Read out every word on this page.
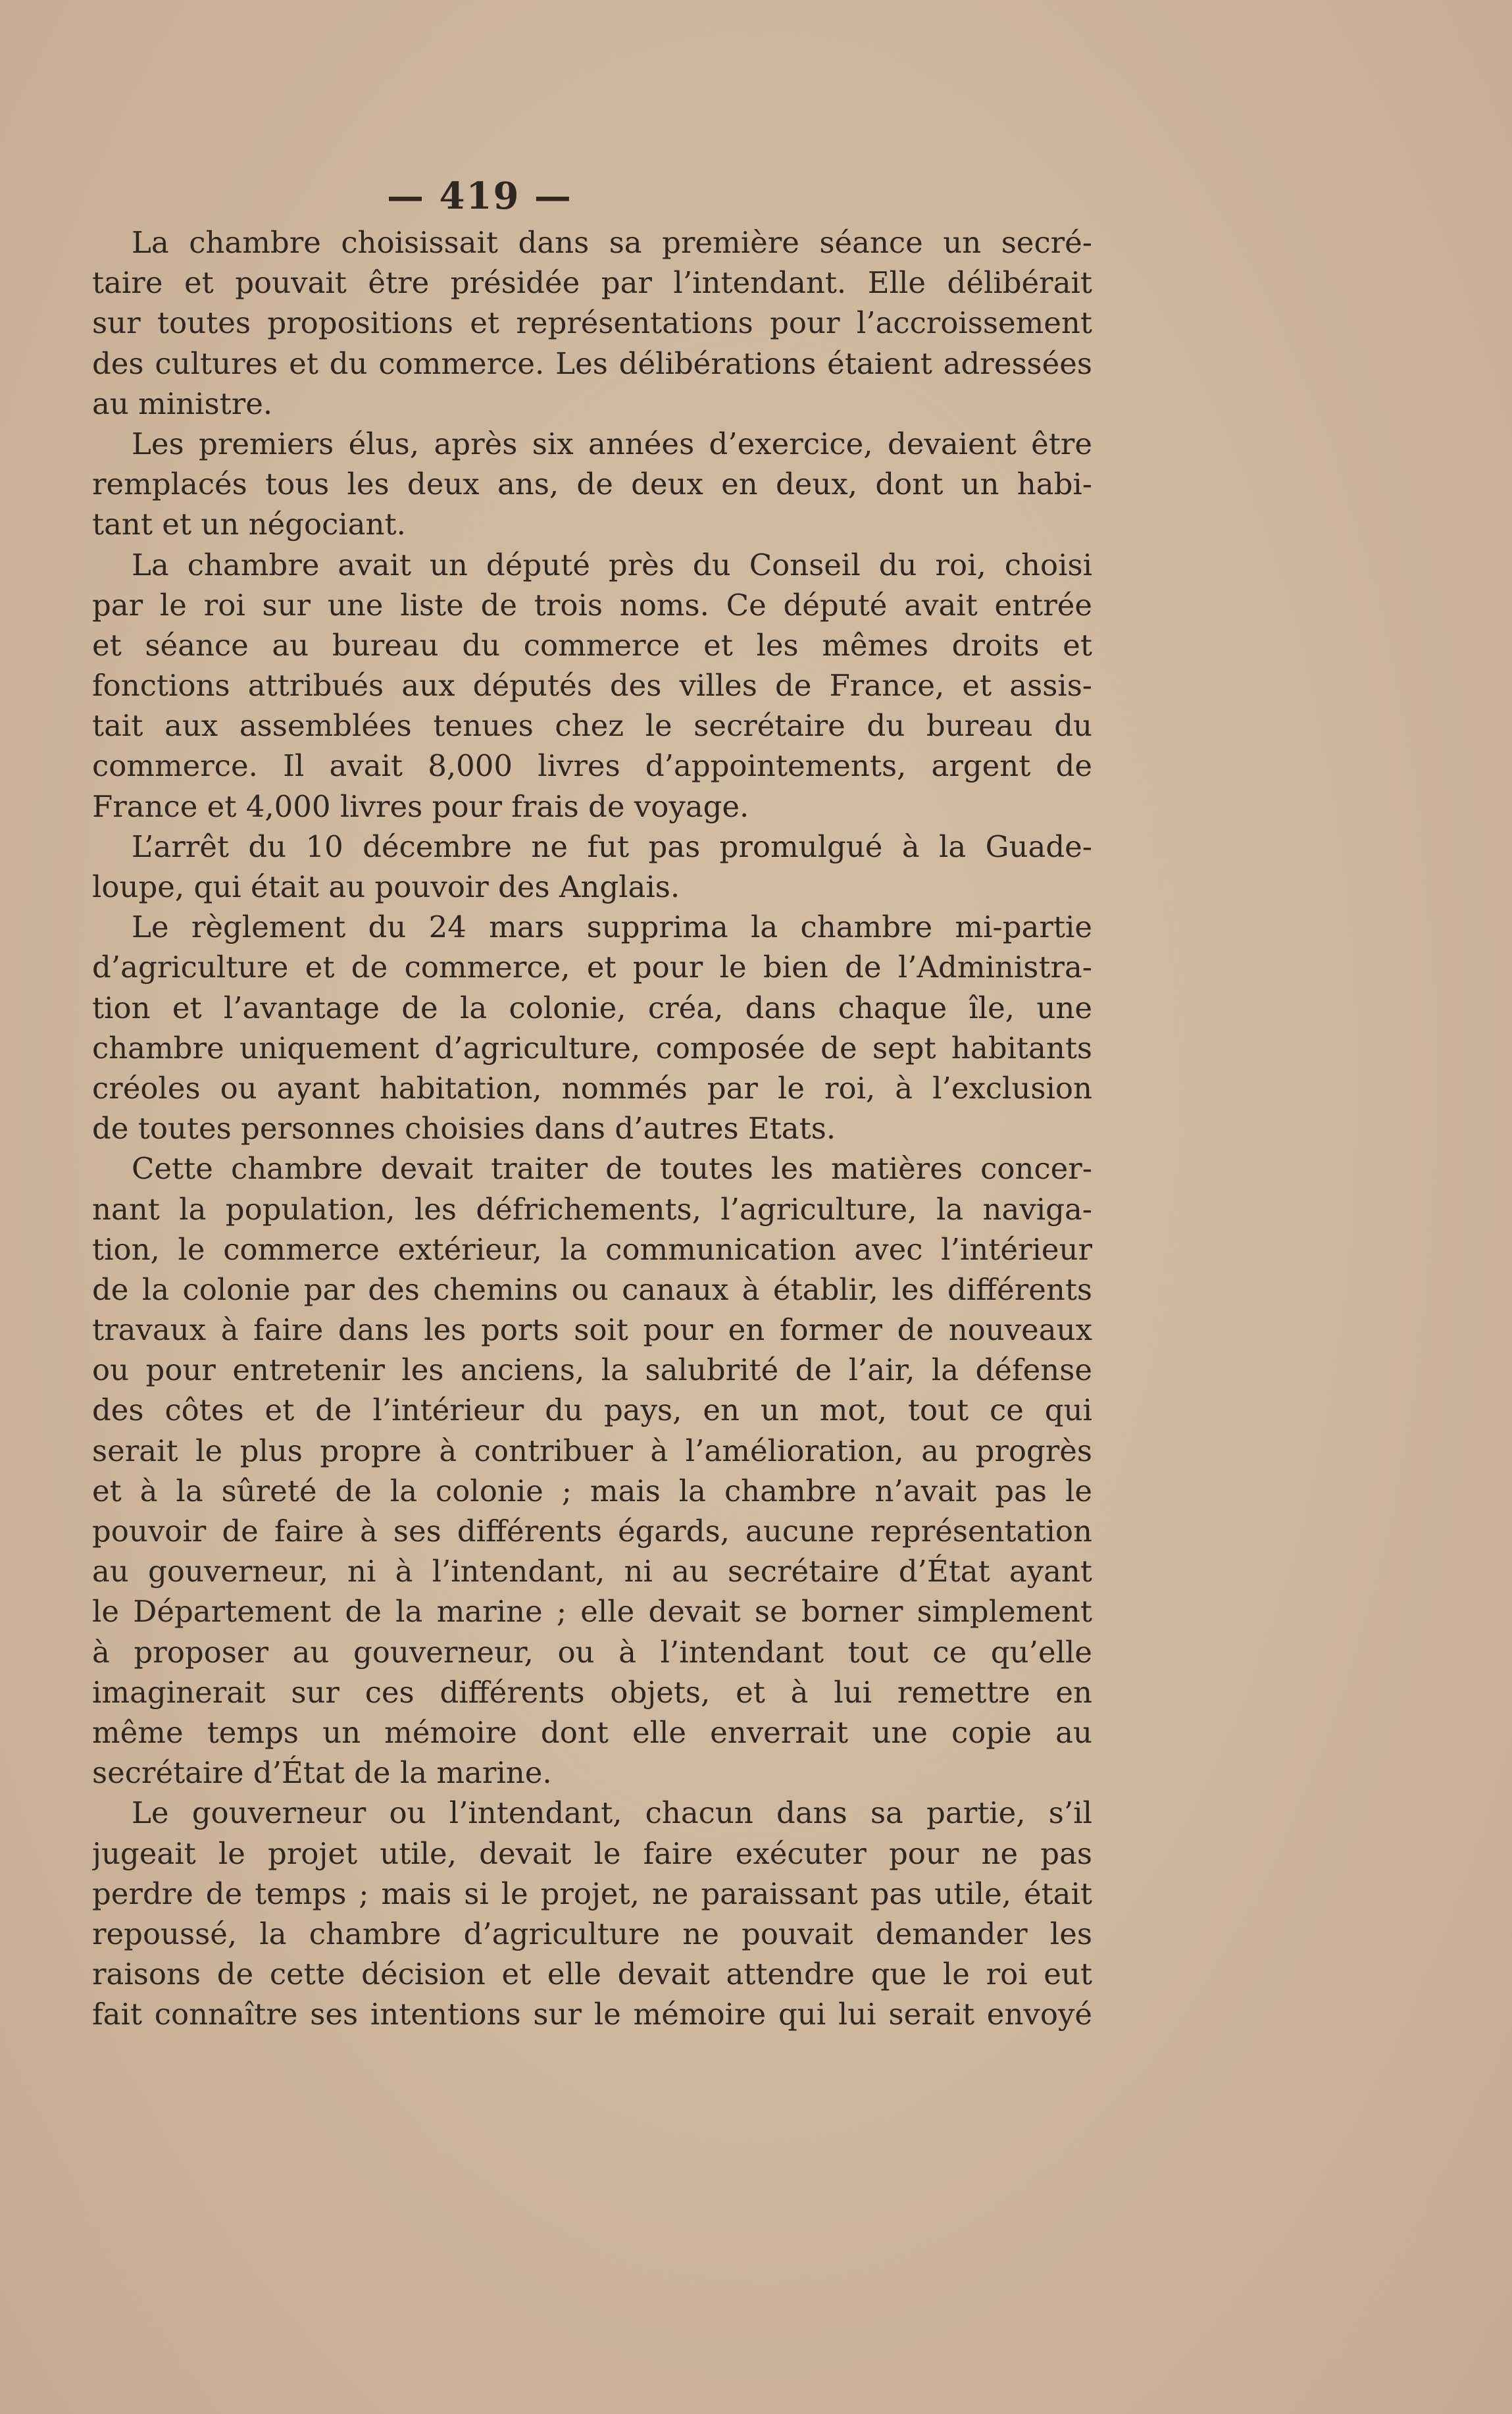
— 419 —
La chambre choisissait dans sa première séance un secré-
taire et pouvait être présidée par l’intendant. Elle délibérait
sur toutes propositions et représentations pour l’accroissement
des cultures et du commerce. Les délibérations étaient adressées
au ministre.
Les premiers élus, après six années d’exercice, devaient être
remplacés tous les deux ans, de deux en deux, dont un habi-
tant et un négociant.
La chambre avait un député près du Conseil du roi, choisi
par le roi sur une liste de trois noms. Ce député avait entrée
et séance au bureau du commerce et les mêmes droits et
fonctions attribués aux députés des villes de France, et assis-
tait aux assemblées tenues chez le secrétaire du bureau du
commerce. Il avait 8,000 livres d’appointements, argent de
France et 4,000 livres pour frais de voyage.
L’arrêt du 10 décembre ne fut pas promulgué à la Guade-
loupe, qui était au pouvoir des Anglais.
Le règlement du 24 mars supprima la chambre mi-partie
d’agriculture et de commerce, et pour le bien de l’Administra-
tion et l’avantage de la colonie, créa, dans chaque île, une
chambre uniquement d’agriculture, composée de sept habitants
créoles ou ayant habitation, nommés par le roi, à l’exclusion
de toutes personnes choisies dans d’autres Etats.
Cette chambre devait traiter de toutes les matières concer-
nant la population, les défrichements, l’agriculture, la naviga-
tion, le commerce extérieur, la communication avec l’intérieur
de la colonie par des chemins ou canaux à établir, les différents
travaux à faire dans les ports soit pour en former de nouveaux
ou pour entretenir les anciens, la salubrité de l’air, la défense
des côtes et de l’intérieur du pays, en un mot, tout ce qui
serait le plus propre à contribuer à l’amélioration, au progrès
et à la sûreté de la colonie ; mais la chambre n’avait pas le
pouvoir de faire à ses différents égards, aucune représentation
au gouverneur, ni à l’intendant, ni au secrétaire d’État ayant
le Département de la marine ; elle devait se borner simplement
à proposer au gouverneur, ou à l’intendant tout ce qu’elle
imaginerait sur ces différents objets, et à lui remettre en
même temps un mémoire dont elle enverrait une copie au
secrétaire d’État de la marine.
Le gouverneur ou l’intendant, chacun dans sa partie, s’il
jugeait le projet utile, devait le faire exécuter pour ne pas
perdre de temps ; mais si le projet, ne paraissant pas utile, était
repoussé, la chambre d’agriculture ne pouvait demander les
raisons de cette décision et elle devait attendre que le roi eut
fait connaître ses intentions sur le mémoire qui lui serait envoyé
